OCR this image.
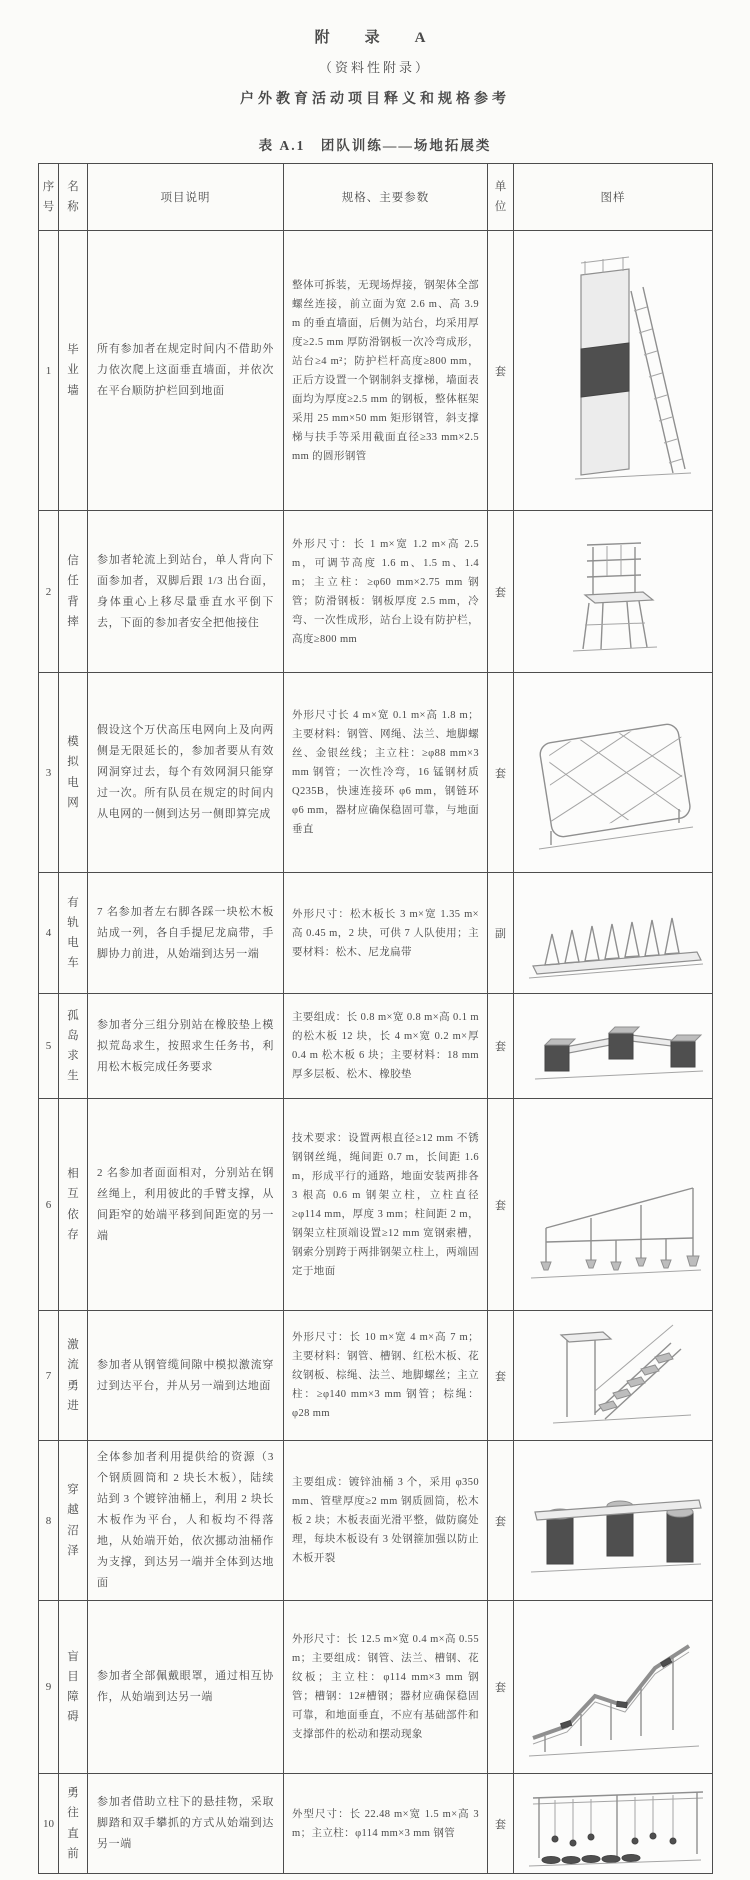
附　录　A
（资料性附录）
户外教育活动项目释义和规格参考
表 A.1　团队训练——场地拓展类
序号	名称	项目说明	规格、主要参数	单位	图样
1	毕业墙	所有参加者在规定时间内不借助外力依次爬上这面垂直墙面，并依次在平台顺防护栏回到地面	整体可拆装，无现场焊接，钢架体全部螺丝连接，前立面为宽 2.6 m、高 3.9 m 的垂直墙面，后侧为站台，均采用厚度≥2.5 mm 厚防滑钢板一次冷弯成形，站台≥4 m²；防护栏杆高度≥800 mm，正后方设置一个钢制斜支撑梯，墙面表面均为厚度≥2.5 mm 的钢板，整体框架采用 25 mm×50 mm 矩形钢管，斜支撑梯与扶手等采用截面直径≥33 mm×2.5 mm 的圆形钢管	套	

2	信任背摔	参加者轮流上到站台，单人背向下面参加者，双脚后跟 1/3 出台面，身体重心上移尽量垂直水平倒下去，下面的参加者安全把他接住	外形尺寸：长 1 m×宽 1.2 m×高 2.5 m，可调节高度 1.6 m、1.5 m、1.4 m；主立柱：≥φ60 mm×2.75 mm 钢管；防滑钢板：钢板厚度 2.5 mm，冷弯、一次性成形，站台上设有防护栏，高度≥800 mm	套	

3	模拟电网	假设这个万伏高压电网向上及向两侧是无限延长的，参加者要从有效网洞穿过去，每个有效网洞只能穿过一次。所有队员在规定的时间内从电网的一侧到达另一侧即算完成	外形尺寸长 4 m×宽 0.1 m×高 1.8 m；主要材料：钢管、网绳、法兰、地脚螺丝、金银丝线；主立柱：≥φ88 mm×3 mm 钢管；一次性冷弯，16 锰钢材质 Q235B，快速连接环 φ6 mm，钢链环 φ6 mm，器材应确保稳固可靠，与地面垂直	套	

4	有轨电车	7 名参加者左右脚各踩一块松木板站成一列，各自手提尼龙扁带，手脚协力前进，从始端到达另一端	外形尺寸：松木板长 3 m×宽 1.35 m×高 0.45 m，2 块，可供 7 人队使用；主要材料：松木、尼龙扁带	副	

5	孤岛求生	参加者分三组分别站在橡胶垫上模拟荒岛求生，按照求生任务书，利用松木板完成任务要求	主要组成：长 0.8 m×宽 0.8 m×高 0.1 m 的松木板 12 块，长 4 m×宽 0.2 m×厚 0.4 m 松木板 6 块；主要材料：18 mm 厚多层板、松木、橡胶垫	套	

6	相互依存	2 名参加者面面相对，分别站在钢丝绳上，利用彼此的手臂支撑，从间距窄的始端平移到间距宽的另一端	技术要求：设置两根直径≥12 mm 不锈钢钢丝绳，绳间距 0.7 m，长间距 1.6 m，形成平行的通路，地面安装两排各 3 根高 0.6 m 钢架立柱，立柱直径≥φ114 mm，厚度 3 mm；柱间距 2 m，钢架立柱顶端设置≥12 mm 宽钢索槽，钢索分别跨于两排钢架立柱上，两端固定于地面	套	

7	激流勇进	参加者从钢管缆间隙中模拟激流穿过到达平台，并从另一端到达地面	外形尺寸：长 10 m×宽 4 m×高 7 m；主要材料：钢管、槽钢、红松木板、花纹钢板、棕绳、法兰、地脚螺丝；主立柱：≥φ140 mm×3 mm 钢管；棕绳：φ28 mm	套	

8	穿越沼泽	全体参加者利用提供给的资源（3 个钢质圆筒和 2 块长木板），陆续站到 3 个镀锌油桶上，利用 2 块长木板作为平台，人和板均不得落地，从始端开始，依次挪动油桶作为支撑，到达另一端并全体到达地面	主要组成：镀锌油桶 3 个，采用 φ350 mm、管壁厚度≥2 mm 钢质圆筒，松木板 2 块；木板表面光滑平整，做防腐处理，每块木板设有 3 处钢箍加强以防止木板开裂	套	

9	盲目障碍	参加者全部佩戴眼罩，通过相互协作，从始端到达另一端	外形尺寸：长 12.5 m×宽 0.4 m×高 0.55 m；主要组成：钢管、法兰、槽钢、花纹板；主立柱：φ114 mm×3 mm 钢管；槽钢：12#槽钢；器材应确保稳固可靠，和地面垂直，不应有基础部件和支撑部件的松动和摆动现象	套	

10	勇往直前	参加者借助立柱下的悬挂物，采取脚踏和双手攀抓的方式从始端到达另一端	外型尺寸：长 22.48 m×宽 1.5 m×高 3 m；主立柱：φ114 mm×3 mm 钢管	套	
